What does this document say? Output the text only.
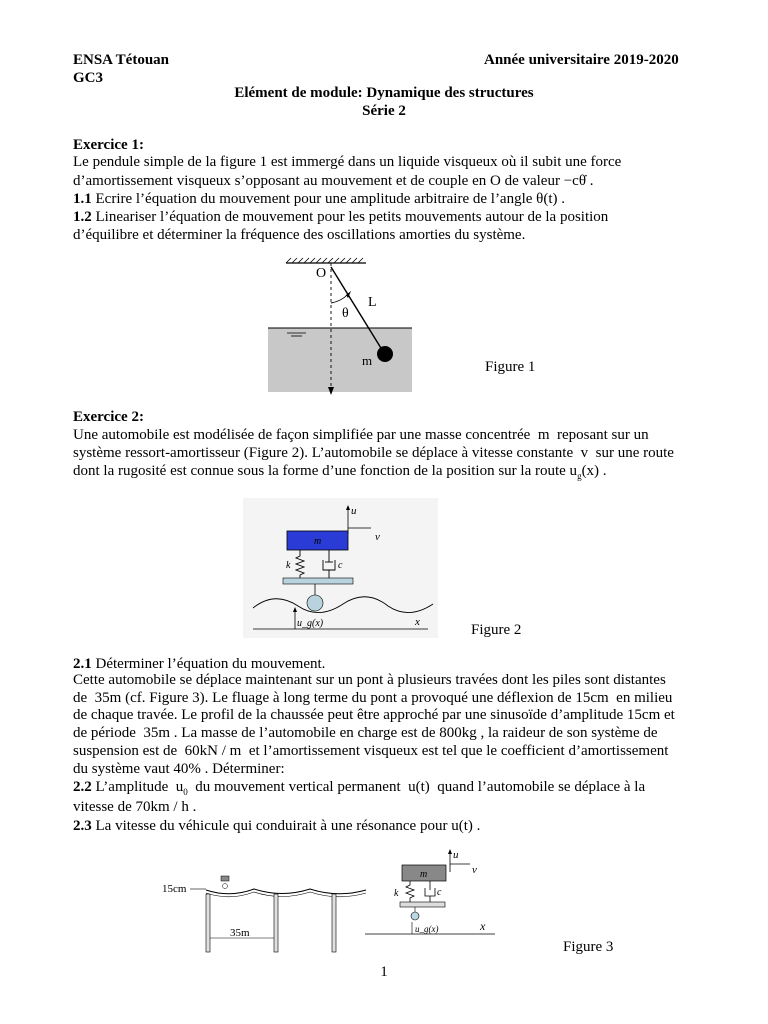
ENSA Tétouan	Année universitaire 2019-2020
GC3
Elément de module: Dynamique des structures
Série 2
Exercice 1:
Le pendule simple de la figure 1 est immergé dans un liquide visqueux où il subit une force
d’amortissement visqueux s’opposant au mouvement et de couple en O de valeur −cθ̇ .
1.1 Ecrire l’équation du mouvement pour une amplitude arbitraire de l’angle θ(t) .
1.2 Lineariser l’équation de mouvement pour les petits mouvements autour de la position
d’équilibre et déterminer la fréquence des oscillations amorties du système.
O
L
θ
m	Figure 1
Exercice 2:
Une automobile est modélisée de façon simplifiée par une masse concentrée  m  reposant sur un
système ressort-amortisseur (Figure 2). L’automobile se déplace à vitesse constante  v  sur une route
dont la rugosité est connue sous la forme d’une fonction de la position sur la route $u_g(x)$ .
u
v
m
k	c
u_g(x)	x	Figure 2
2.1 Déterminer l’équation du mouvement.
Cette automobile se déplace maintenant sur un pont à plusieurs travées dont les piles sont distantes
de  35m (cf. Figure 3). Le fluage à long terme du pont a provoqué une déflexion de 15cm  en milieu
de chaque travée. Le profil de la chaussée peut être approché par une sinusoïde d’amplitude 15cm et
de période  35m . La masse de l’automobile en charge est de 800kg , la raideur de son système de
suspension est de  60kN / m  et l’amortissement visqueux est tel que le coefficient d’amortissement
du système vaut 40% . Déterminer:
2.2 L’amplitude  $u_0$  du mouvement vertical permanent  u(t)  quand l’automobile se déplace à la
vitesse de 70km / h .
2.3 La vitesse du véhicule qui conduirait à une résonance pour u(t) .
15cm
35m
u
v
m
k	c
u_g(x)	x
Figure 3
1
